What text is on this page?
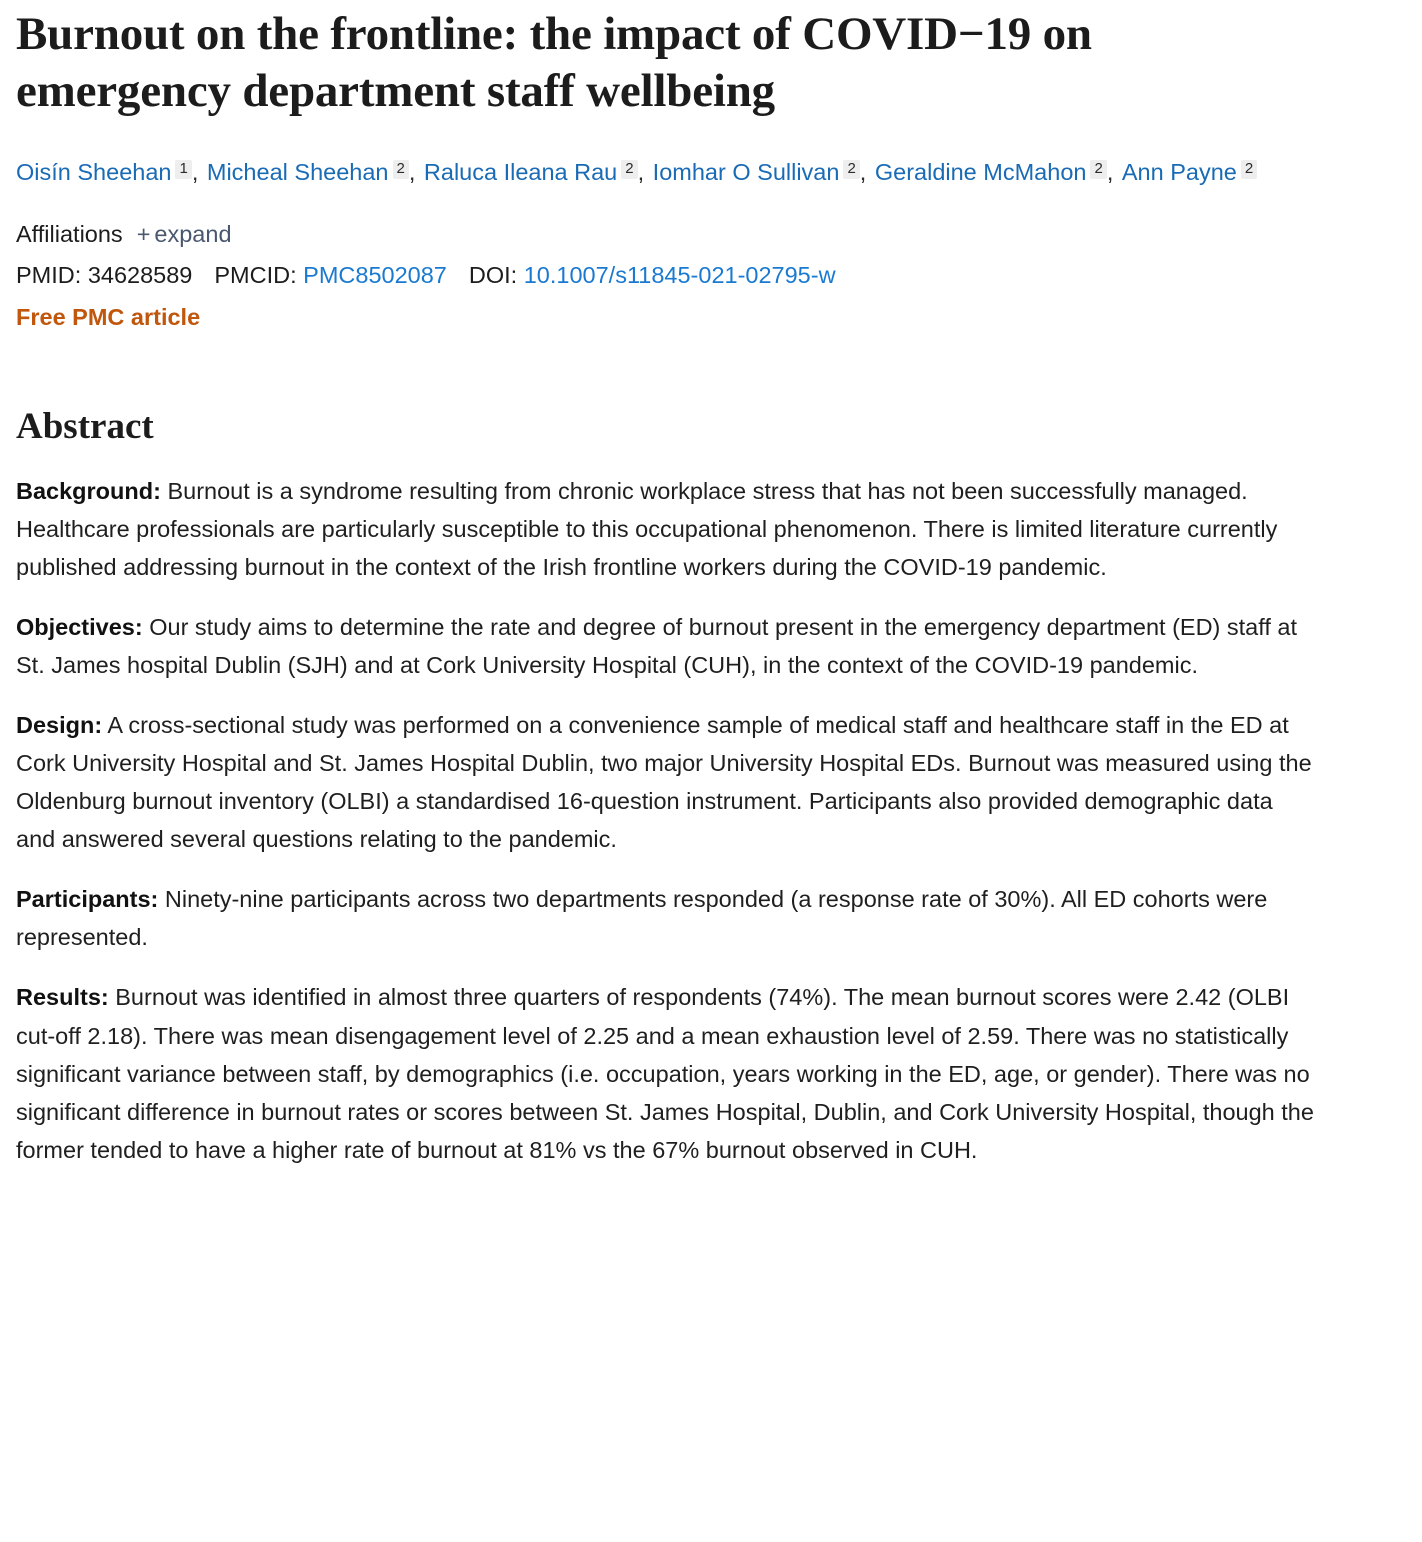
Burnout on the frontline: the impact of COVID−19 on emergency department staff wellbeing
Oisín Sheehan $^1$ , Micheal Sheehan $^2$ , Raluca Ileana Rau $^2$ , Iomhar O Sullivan $^2$ , Geraldine McMahon $^2$ , Ann Payne $^2$
Affiliations + expand
PMID: 34628589 PMCID: PMC8502087 DOI: 10.1007/s11845-021-02795-w
Free PMC article
Abstract

Background: Burnout is a syndrome resulting from chronic workplace stress that has not been successfully managed. Healthcare professionals are particularly susceptible to this occupational phenomenon. There is limited literature currently published addressing burnout in the context of the Irish frontline workers during the COVID-19 pandemic.

Objectives: Our study aims to determine the rate and degree of burnout present in the emergency department (ED) staff at St. James hospital Dublin (SJH) and at Cork University Hospital (CUH), in the context of the COVID-19 pandemic.

Design: A cross-sectional study was performed on a convenience sample of medical staff and healthcare staff in the ED at Cork University Hospital and St. James Hospital Dublin, two major University Hospital EDs. Burnout was measured using the Oldenburg burnout inventory (OLBI) a standardised 16-question instrument. Participants also provided demographic data and answered several questions relating to the pandemic.

Participants: Ninety-nine participants across two departments responded (a response rate of 30%). All ED cohorts were represented.

Results: Burnout was identified in almost three quarters of respondents (74%). The mean burnout scores were 2.42 (OLBI cut-off 2.18). There was mean disengagement level of 2.25 and a mean exhaustion level of 2.59. There was no statistically significant variance between staff, by demographics (i.e. occupation, years working in the ED, age, or gender). There was no significant difference in burnout rates or scores between St. James Hospital, Dublin, and Cork University Hospital, though the former tended to have a higher rate of burnout at 81% vs the 67% burnout observed in CUH.
